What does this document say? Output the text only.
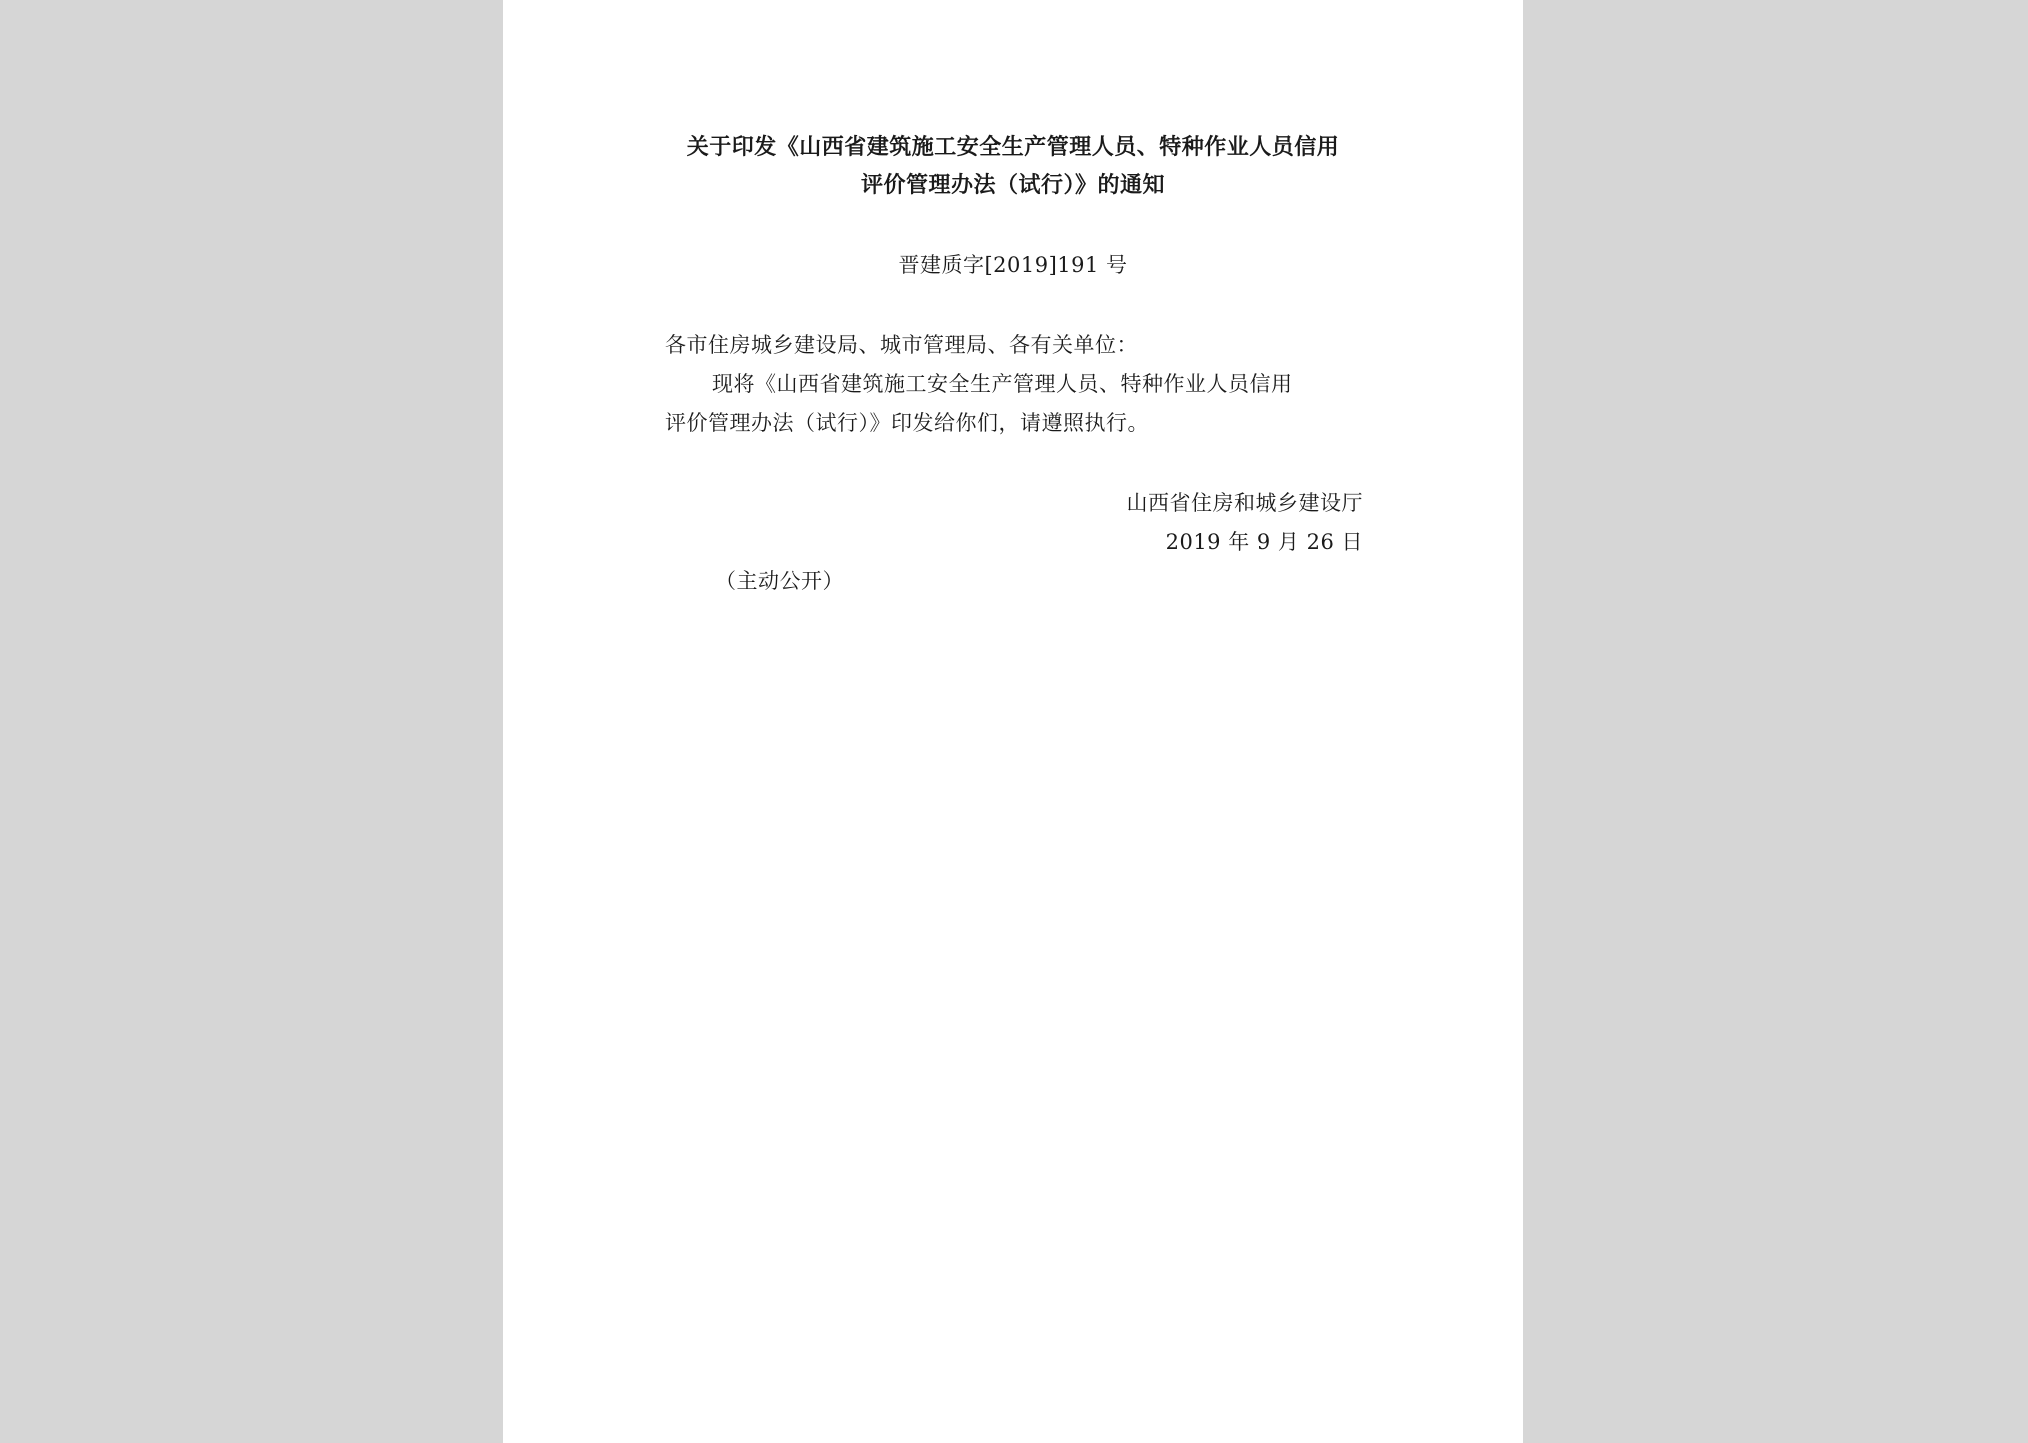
关于印发《山西省建筑施工安全生产管理人员、特种作业人员信用
评价管理办法（试行）》的通知
晋建质字[2019]191 号
各市住房城乡建设局、城市管理局、各有关单位：
现将《山西省建筑施工安全生产管理人员、特种作业人员信用
评价管理办法（试行）》印发给你们，请遵照执行。
山西省住房和城乡建设厅
2019 年 9 月 26 日
（主动公开）
